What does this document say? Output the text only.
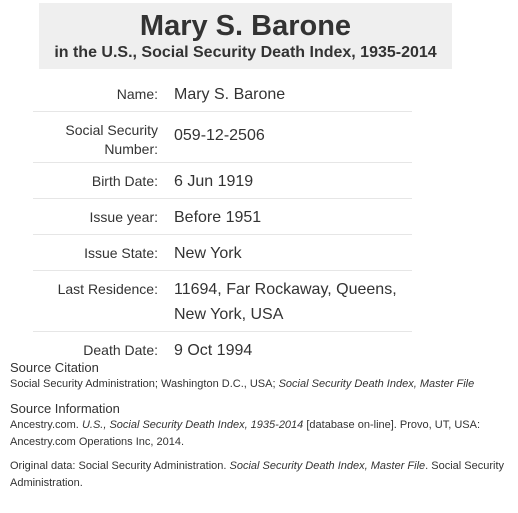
Mary S. Barone
in the U.S., Social Security Death Index, 1935-2014
Name:	Mary S. Barone
Social Security Number:	059-12-2506
Birth Date:	6 Jun 1919
Issue year:	Before 1951
Issue State:	New York
Last Residence:	11694, Far Rockaway, Queens, New York, USA
Death Date:	9 Oct 1994
Source Citation
Social Security Administration; Washington D.C., USA; Social Security Death Index, Master File
Source Information

Ancestry.com. U.S., Social Security Death Index, 1935-2014 [database on-line]. Provo, UT, USA: Ancestry.com Operations Inc, 2014.

Original data: Social Security Administration. Social Security Death Index, Master File. Social Security Administration.
